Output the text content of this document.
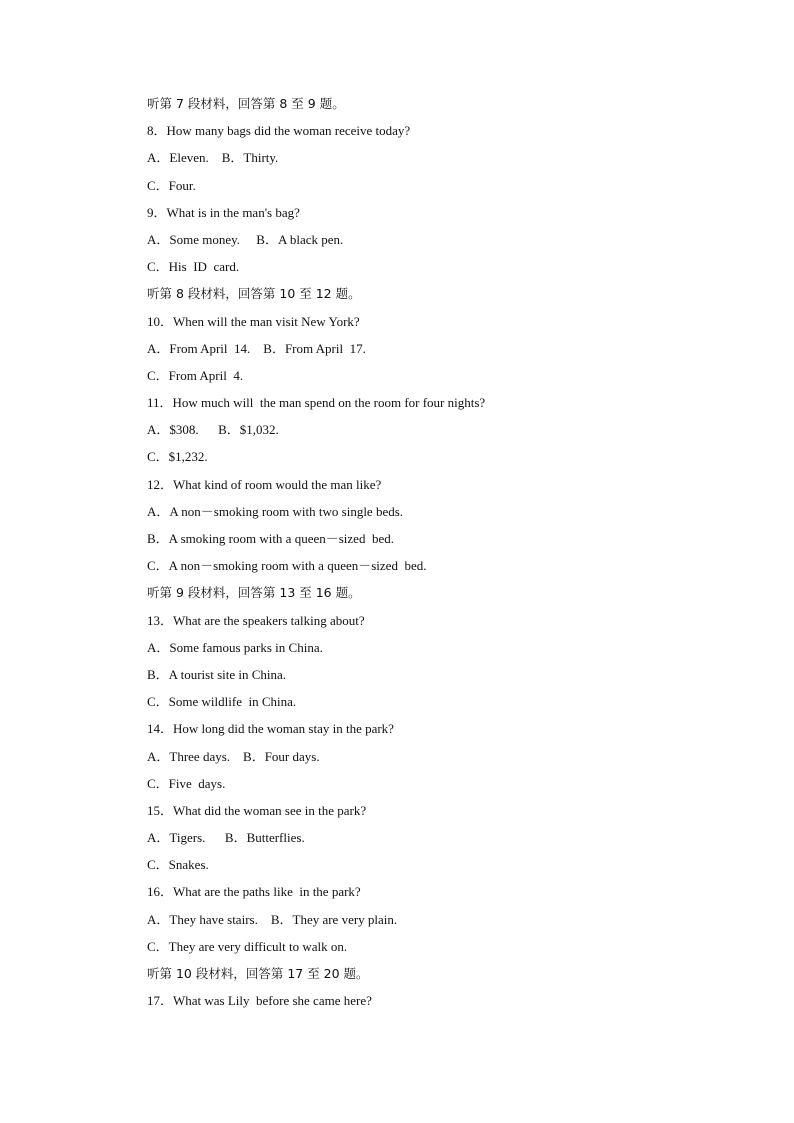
听第 7 段材料，回答第 8 至 9 题。
8．How many bags did the woman receive today?
A．Eleven.    B．Thirty.
C．Four.
9．What is in the man's bag?
A．Some money.     B．A black pen.
C．His  ID  card.
听第 8 段材料，回答第 10 至 12 题。
10．When will the man visit New York?
A．From April  14.    B．From April  17.
C．From April  4.
11．How much will  the man spend on the room for four nights?
A．$308.      B．$1,032.
C．$1,232.
12．What kind of room would the man like?
A．A non－smoking room with two single beds.
B．A smoking room with a queen－sized  bed.
C．A non－smoking room with a queen－sized  bed.
听第 9 段材料，回答第 13 至 16 题。
13．What are the speakers talking about?
A．Some famous parks in China.
B．A tourist site in China.
C．Some wildlife  in China.
14．How long did the woman stay in the park?
A．Three days.    B．Four days.
C．Five  days.
15．What did the woman see in the park?
A．Tigers.      B．Butterflies.
C．Snakes.
16．What are the paths like  in the park?
A．They have stairs.    B．They are very plain.
C．They are very difficult to walk on.
听第 10 段材料，回答第 17 至 20 题。
17．What was Lily  before she came here?
